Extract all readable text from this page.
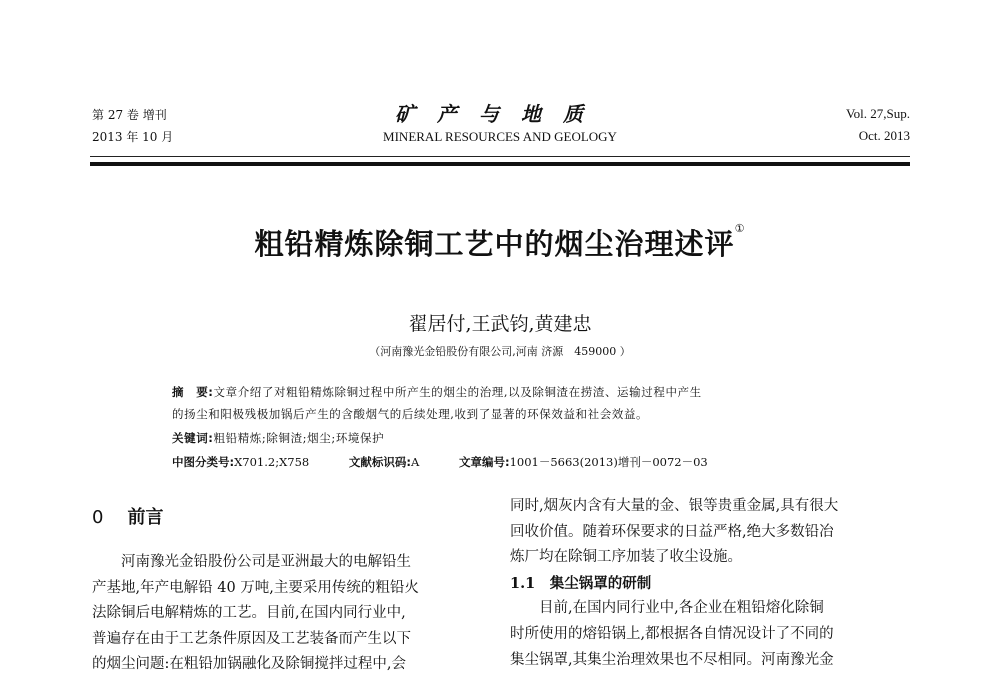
第 27 卷 增刊
2013 年 10 月
矿产与地质
MINERAL RESOURCES AND GEOLOGY
Vol. 27,Sup.
Oct. 2013
粗铅精炼除铜工艺中的烟尘治理述评①
翟居付,王武钧,黄建忠
（河南豫光金铅股份有限公司,河南 济源　459000 ）
摘　要:文章介绍了对粗铅精炼除铜过程中所产生的烟尘的治理,以及除铜渣在捞渣、运输过程中产生
的扬尘和阳极残极加锅后产生的含酸烟气的后续处理,收到了显著的环保效益和社会效益。
关键词:粗铅精炼;除铜渣;烟尘;环境保护
中图分类号:X701.2;X758	文献标识码:A	文章编号:1001－5663(2013)增刊－0072－03
0 前言
　　河南豫光金铅股份公司是亚洲最大的电解铅生
产基地,年产电解铅 40 万吨,主要采用传统的粗铅火
法除铜后电解精炼的工艺。目前,在国内同行业中,
普遍存在由于工艺条件原因及工艺装备而产生以下
的烟尘问题:在粗铅加锅融化及除铜搅拌过程中,会
同时,烟灰内含有大量的金、银等贵重金属,具有很大
回收价值。随着环保要求的日益严格,绝大多数铅冶
炼厂均在除铜工序加装了收尘设施。
1.1　集尘锅罩的研制
　　目前,在国内同行业中,各企业在粗铅熔化除铜
时所使用的熔铅锅上,都根据各自情况设计了不同的
集尘锅罩,其集尘治理效果也不尽相同。河南豫光金
